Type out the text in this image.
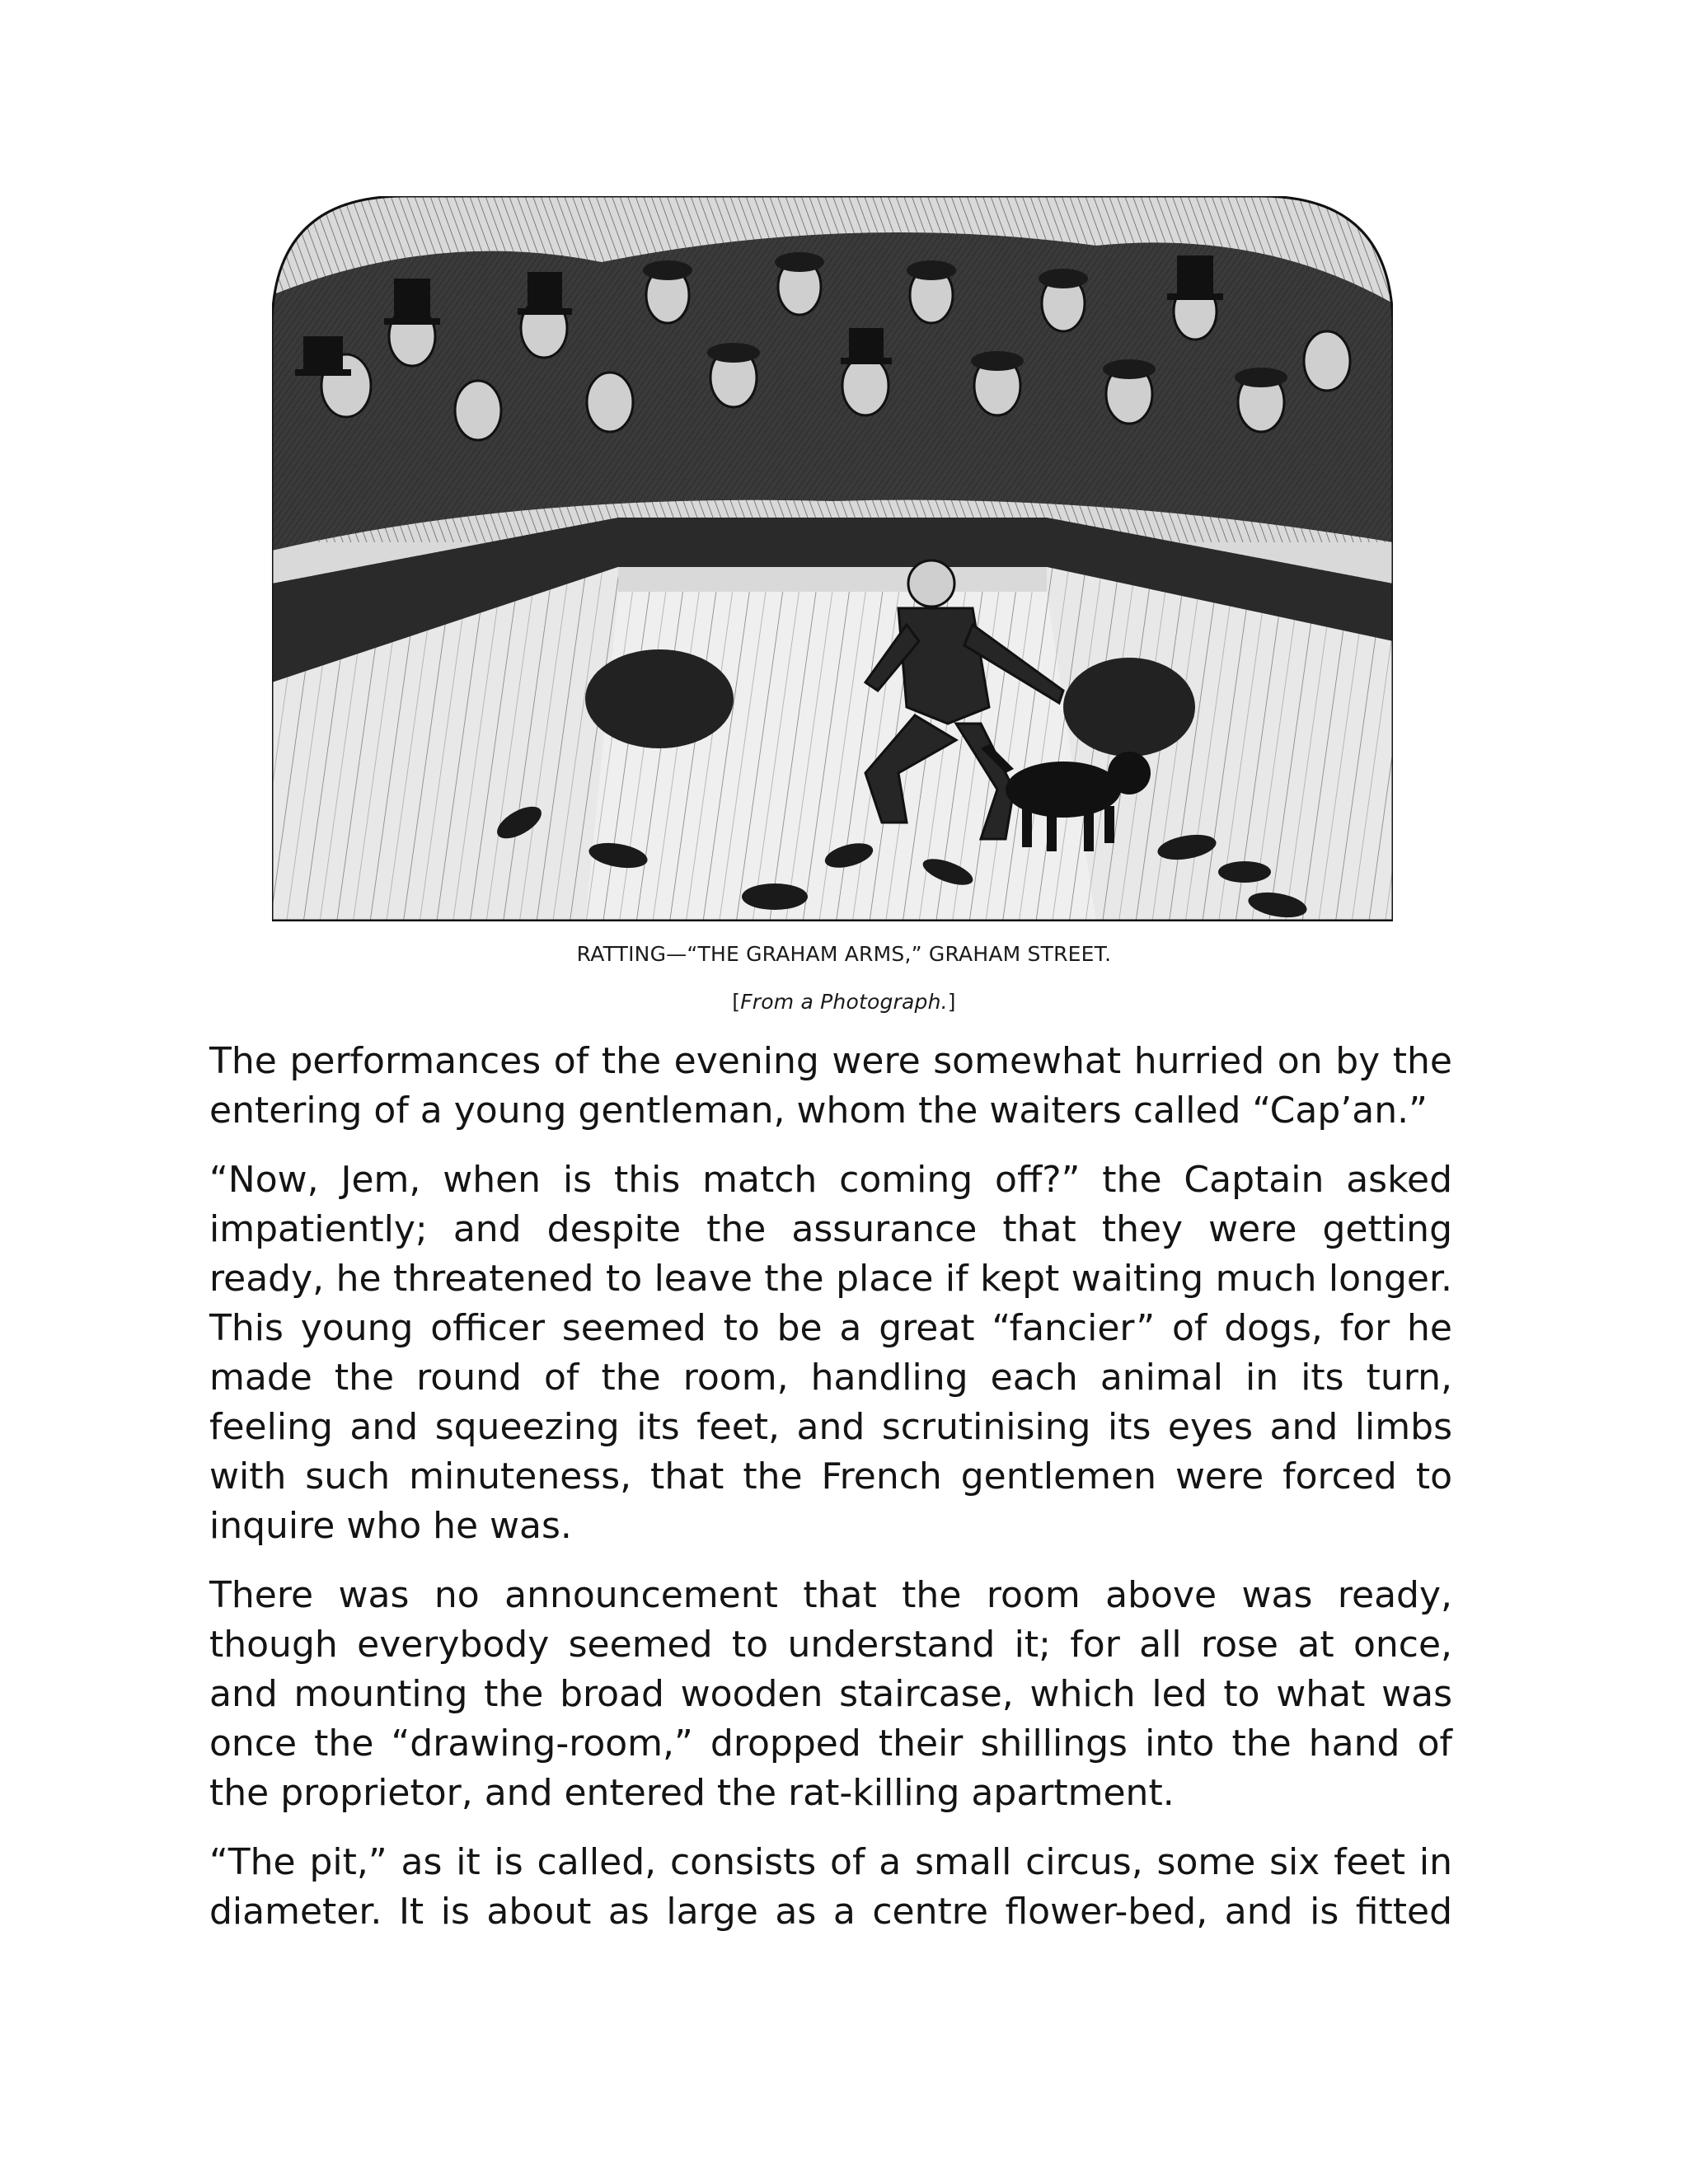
RATTING—“THE GRAHAM ARMS,” GRAHAM STREET.
[From a Photograph.]

The performances of the evening were somewhat hurried on by the entering of a young gentleman, whom the waiters called “Cap’an.”

“Now, Jem, when is this match coming off?” the Captain asked impatiently; and despite the assurance that they were getting ready, he threatened to leave the place if kept waiting much longer. This young officer seemed to be a great “fancier” of dogs, for he made the round of the room, handling each animal in its turn, feeling and squeezing its feet, and scrutinising its eyes and limbs with such minuteness, that the French gentlemen were forced to inquire who he was.

There was no announcement that the room above was ready, though everybody seemed to understand it; for all rose at once, and mounting the broad wooden staircase, which led to what was once the “drawing-room,” dropped their shillings into the hand of the proprietor, and entered the rat-killing apartment.

“The pit,” as it is called, consists of a small circus, some six feet in diameter. It is about as large as a centre flower-bed, and is fitted
